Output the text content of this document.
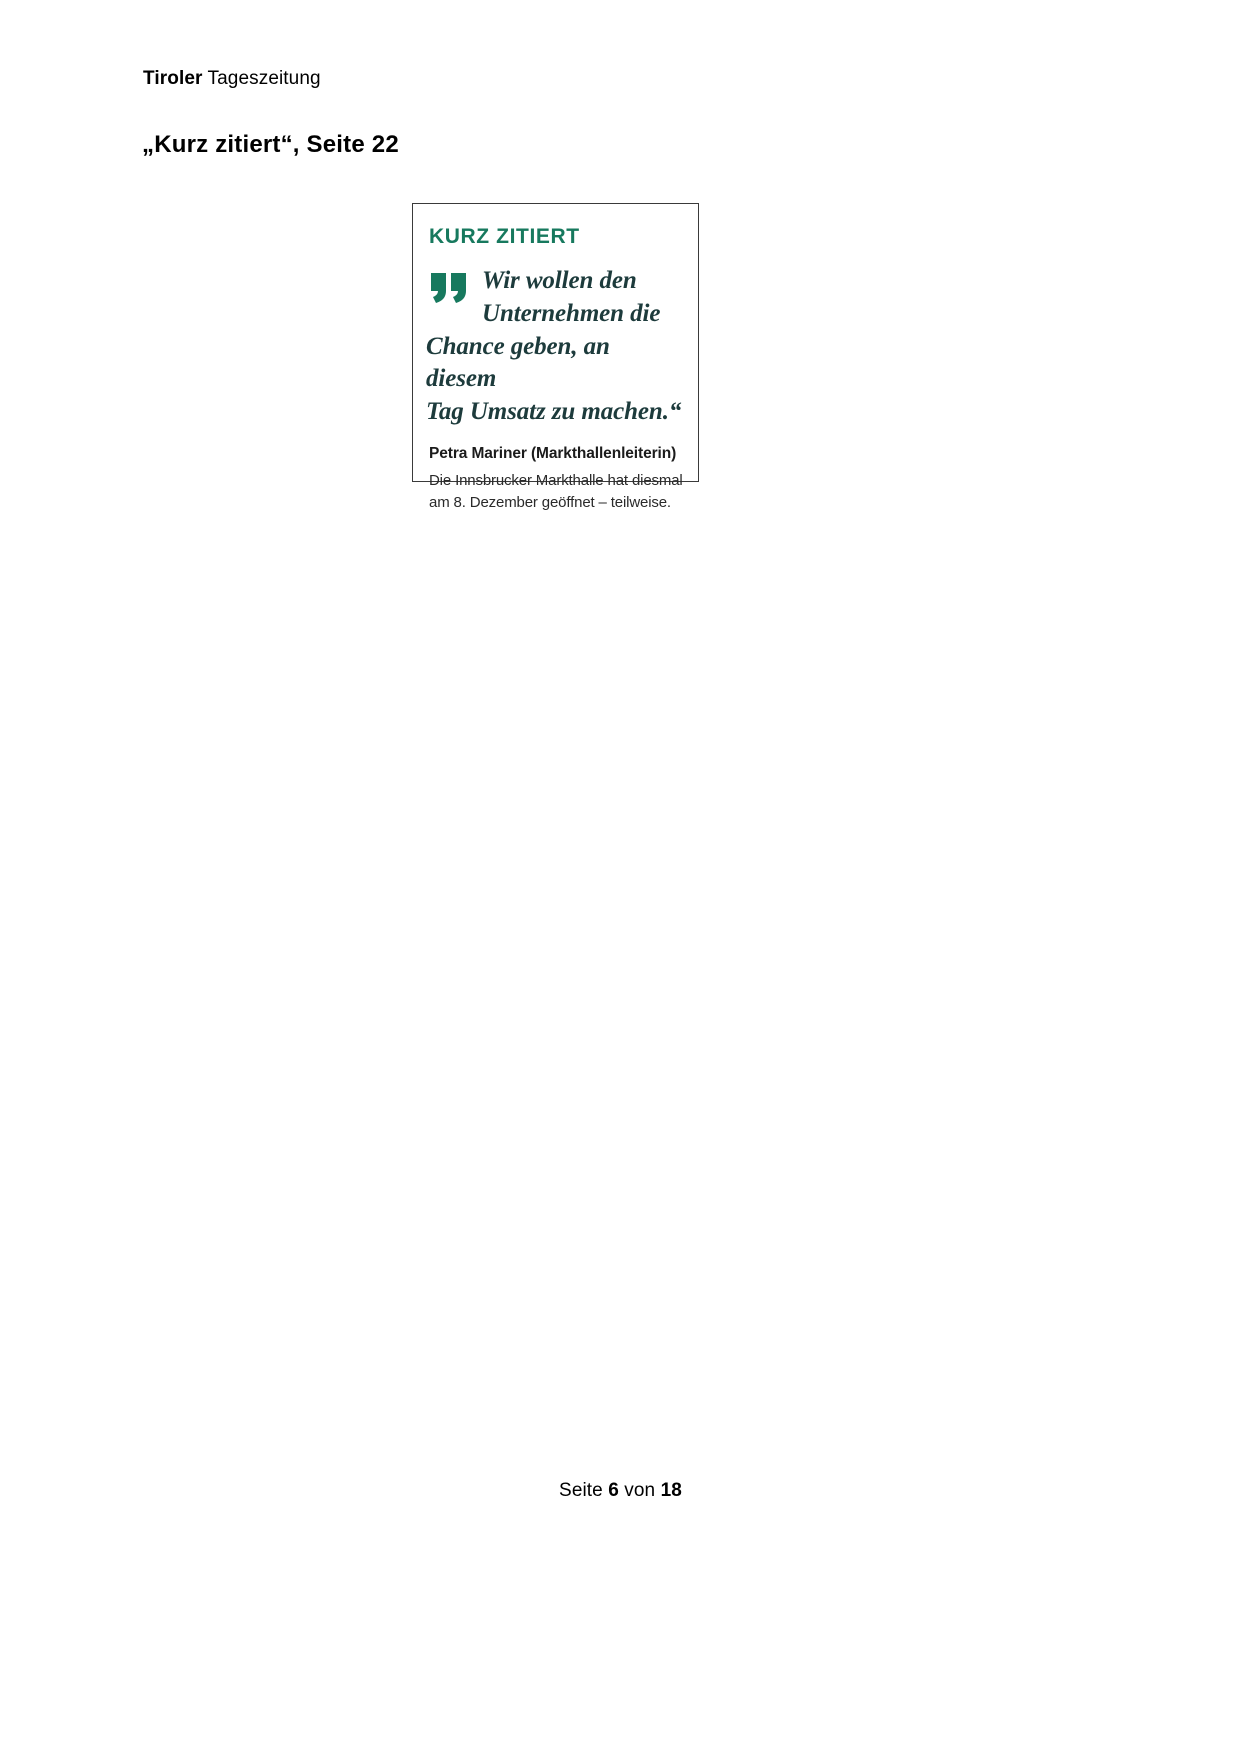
Tiroler Tageszeitung
„Kurz zitiert“, Seite 22
KURZ ZITIERT

Wir wollen den
Unternehmen die
Chance geben, an diesem
Tag Umsatz zu machen.“

Petra Mariner (Markthallenleiterin)
Die Innsbrucker Markthalle hat diesmal
am 8. Dezember geöffnet – teilweise.
Seite 6 von 18
